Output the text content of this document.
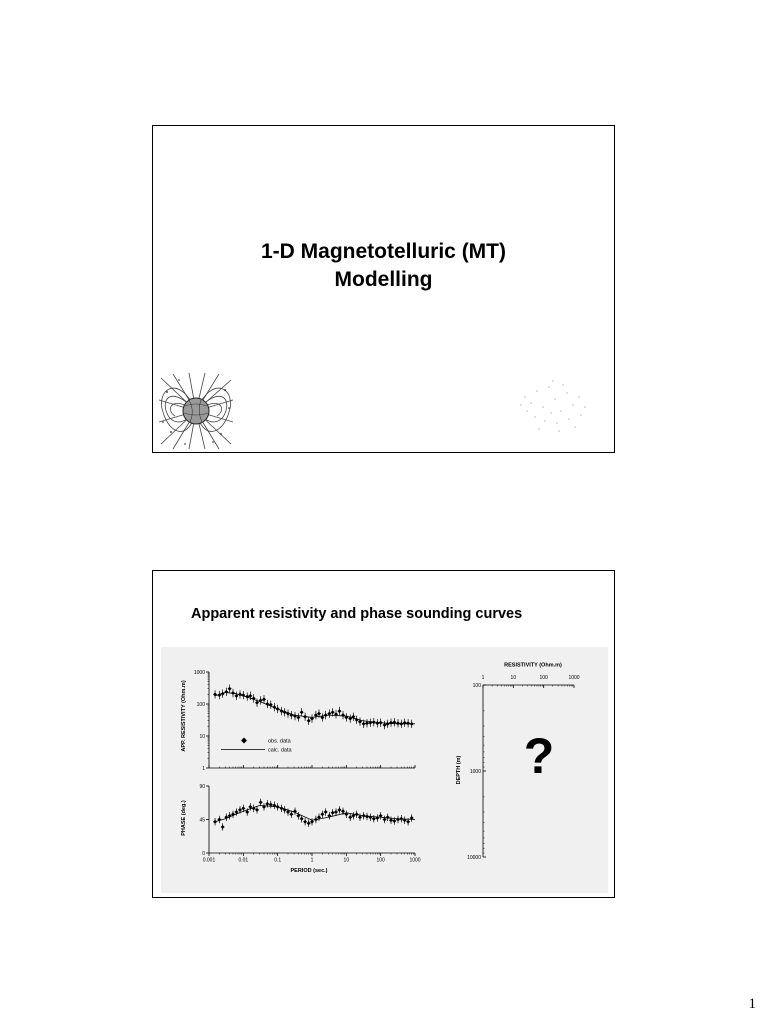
1-D Magnetotelluric (MT)
Modelling
Apparent resistivity and phase sounding curves
1
10
100
1000
APP. RESISTIVITY (Ohm.m)	obs. data
calc. data
0
45
90
0.001	0.01	0.1	1	10	100	1000
PHASE (deg.)
PERIOD (sec.)
RESISTIVITY (Ohm.m)
DEPTH (m)
1	10	100	1000
100
1000
10000
?
1
